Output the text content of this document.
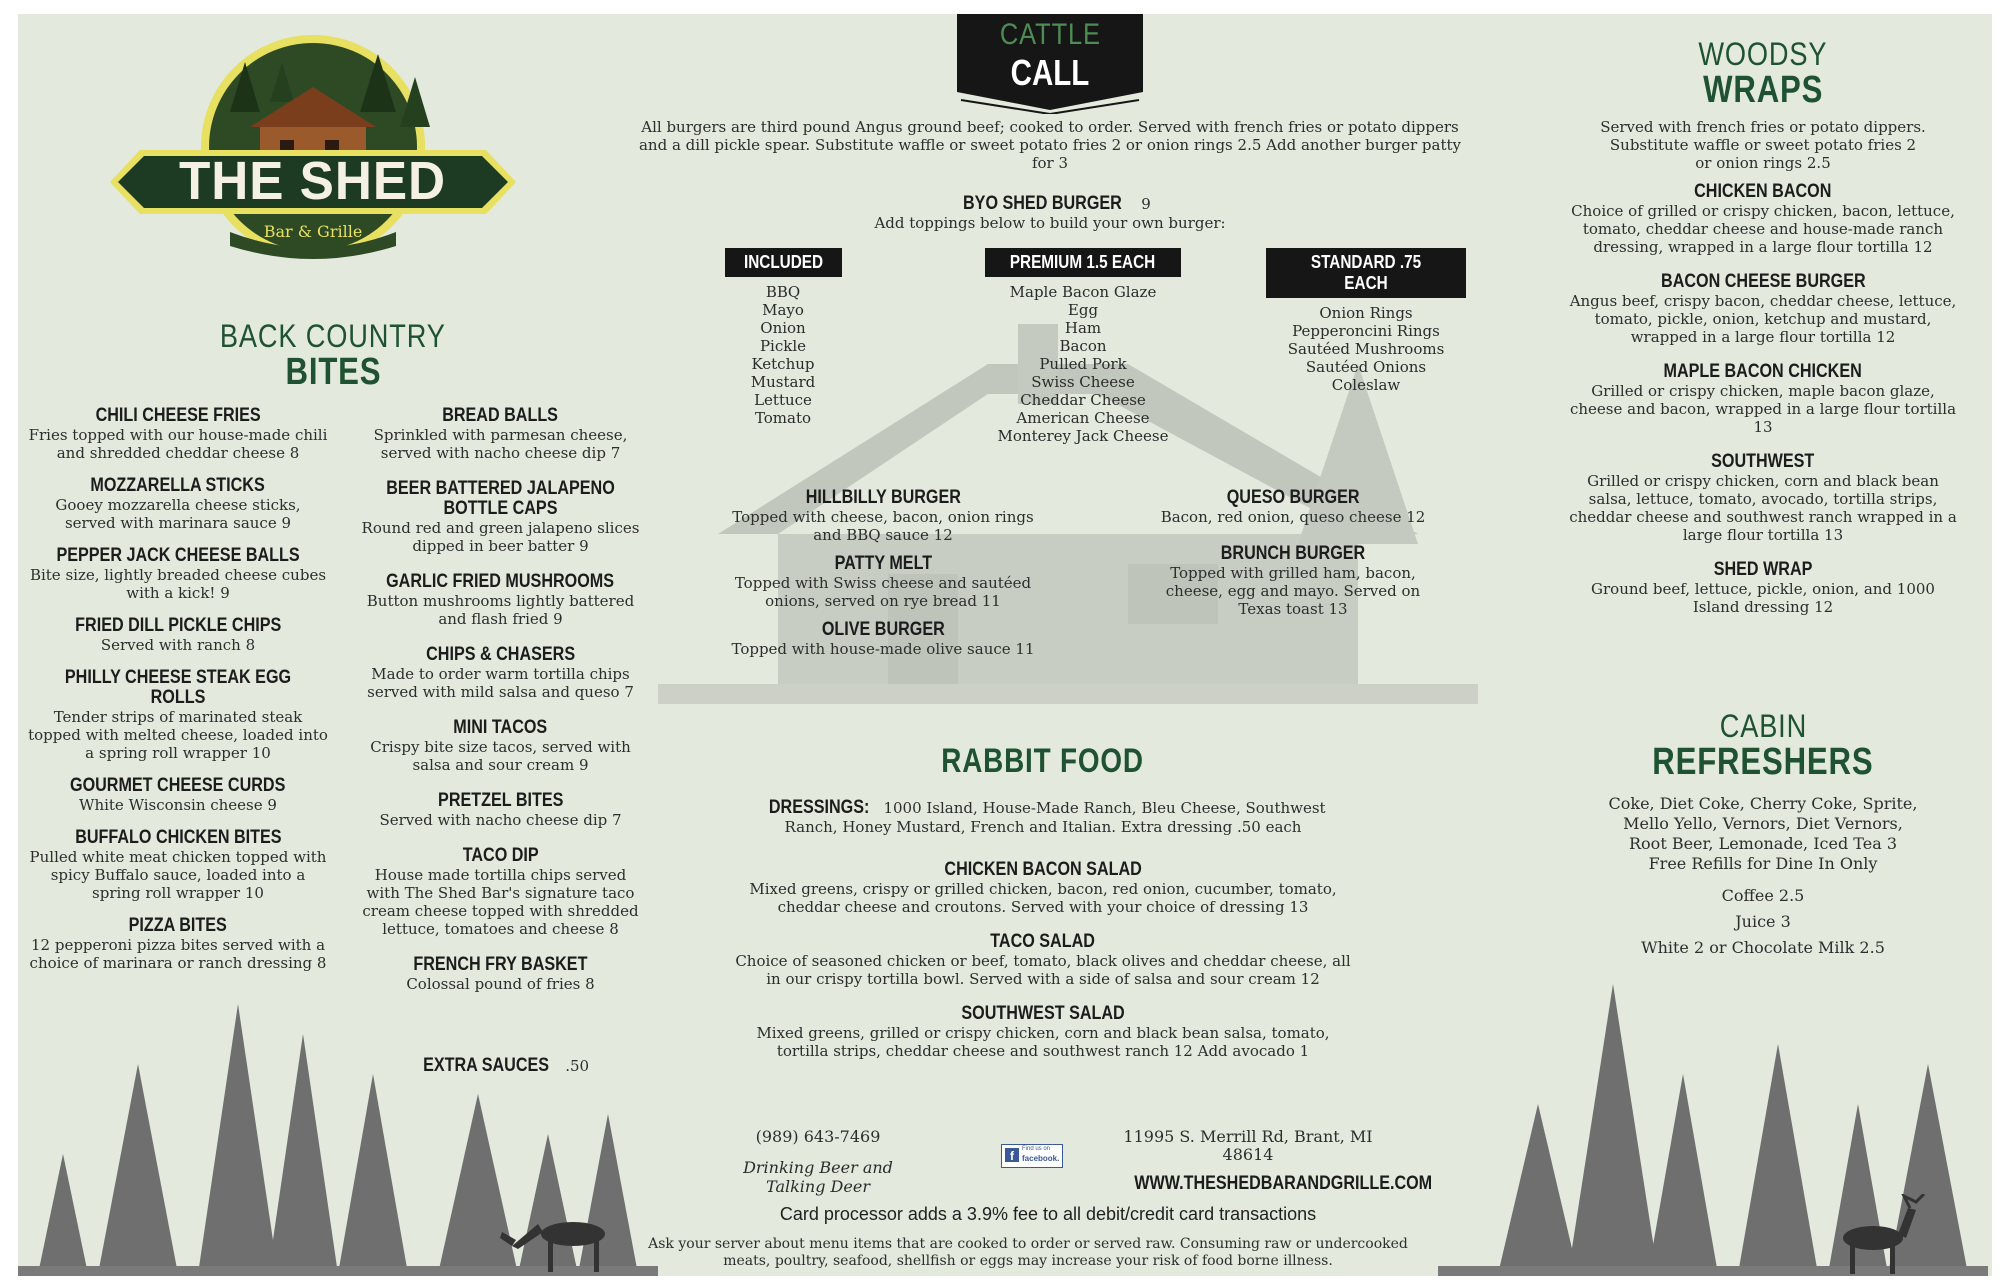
THE SHED
Bar & Grille
BACK COUNTRY
BITES
CHILI CHEESE FRIES
Fries topped with our house-made chili and shredded cheddar cheese 8
MOZZARELLA STICKS
Gooey mozzarella cheese sticks, served with marinara sauce 9
PEPPER JACK CHEESE BALLS
Bite size, lightly breaded cheese cubes with a kick! 9
FRIED DILL PICKLE CHIPS
Served with ranch 8
PHILLY CHEESE STEAK EGG ROLLS
Tender strips of marinated steak topped with melted cheese, loaded into a spring roll wrapper 10
GOURMET CHEESE CURDS
White Wisconsin cheese 9
BUFFALO CHICKEN BITES
Pulled white meat chicken topped with spicy Buffalo sauce, loaded into a spring roll wrapper 10
PIZZA BITES
12 pepperoni pizza bites served with a choice of marinara or ranch dressing 8
BREAD BALLS
Sprinkled with parmesan cheese, served with nacho cheese dip 7
BEER BATTERED JALAPENO BOTTLE CAPS
Round red and green jalapeno slices dipped in beer batter 9
GARLIC FRIED MUSHROOMS
Button mushrooms lightly battered and flash fried 9
CHIPS & CHASERS
Made to order warm tortilla chips served with mild salsa and queso 7
MINI TACOS
Crispy bite size tacos, served with salsa and sour cream 9
PRETZEL BITES
Served with nacho cheese dip 7
TACO DIP
House made tortilla chips served with The Shed Bar's signature taco cream cheese topped with shredded lettuce, tomatoes and cheese 8
FRENCH FRY BASKET
Colossal pound of fries 8
EXTRA SAUCES .50
CATTLE
CALL
All burgers are third pound Angus ground beef; cooked to order. Served with french fries or potato dippers and a dill pickle spear. Substitute waffle or sweet potato fries 2 or onion rings 2.5 Add another burger patty for 3
BYO SHED BURGER 9
Add toppings below to build your own burger:
INCLUDED
BBQ
Mayo
Onion
Pickle
Ketchup
Mustard
Lettuce
Tomato
PREMIUM 1.5 EACH
Maple Bacon Glaze
Egg
Ham
Bacon
Pulled Pork
Swiss Cheese
Cheddar Cheese
American Cheese
Monterey Jack Cheese
STANDARD .75 EACH
Onion Rings
Pepperoncini Rings
Sautéed Mushrooms
Sautéed Onions
Coleslaw
HILLBILLY BURGER
Topped with cheese, bacon, onion rings and BBQ sauce 12
PATTY MELT
Topped with Swiss cheese and sautéed onions, served on rye bread 11
OLIVE BURGER
Topped with house-made olive sauce 11
QUESO BURGER
Bacon, red onion, queso cheese 12
BRUNCH BURGER
Topped with grilled ham, bacon, cheese, egg and mayo. Served on Texas toast 13
RABBIT FOOD
DRESSINGS: 1000 Island, House-Made Ranch, Bleu Cheese, Southwest Ranch, Honey Mustard, French and Italian. Extra dressing .50 each
CHICKEN BACON SALAD
Mixed greens, crispy or grilled chicken, bacon, red onion, cucumber, tomato, cheddar cheese and croutons. Served with your choice of dressing 13
TACO SALAD
Choice of seasoned chicken or beef, tomato, black olives and cheddar cheese, all in our crispy tortilla bowl. Served with a side of salsa and sour cream 12
SOUTHWEST SALAD
Mixed greens, grilled or crispy chicken, corn and black bean salsa, tomato, tortilla strips, cheddar cheese and southwest ranch 12 Add avocado 1
WOODSY
WRAPS
Served with french fries or potato dippers. Substitute waffle or sweet potato fries 2 or onion rings 2.5
CHICKEN BACON
Choice of grilled or crispy chicken, bacon, lettuce, tomato, cheddar cheese and house-made ranch dressing, wrapped in a large flour tortilla 12
BACON CHEESE BURGER
Angus beef, crispy bacon, cheddar cheese, lettuce, tomato, pickle, onion, ketchup and mustard, wrapped in a large flour tortilla 12
MAPLE BACON CHICKEN
Grilled or crispy chicken, maple bacon glaze, cheese and bacon, wrapped in a large flour tortilla 13
SOUTHWEST
Grilled or crispy chicken, corn and black bean salsa, lettuce, tomato, avocado, tortilla strips, cheddar cheese and southwest ranch wrapped in a large flour tortilla 13
SHED WRAP
Ground beef, lettuce, pickle, onion, and 1000 Island dressing 12
CABIN
REFRESHERS
Coke, Diet Coke, Cherry Coke, Sprite, Mello Yello, Vernors, Diet Vernors, Root Beer, Lemonade, Iced Tea 3
Free Refills for Dine In Only
Coffee 2.5
Juice 3
White 2 or Chocolate Milk 2.5
(989) 643-7469
Drinking Beer and Talking Deer
f	Find us on
facebook.
11995 S. Merrill Rd, Brant, MI 48614
WWW.THESHEDBARANDGRILLE.COM
Card processor adds a 3.9% fee to all debit/credit card transactions
Ask your server about menu items that are cooked to order or served raw. Consuming raw or undercooked meats, poultry, seafood, shellfish or eggs may increase your risk of food borne illness.
